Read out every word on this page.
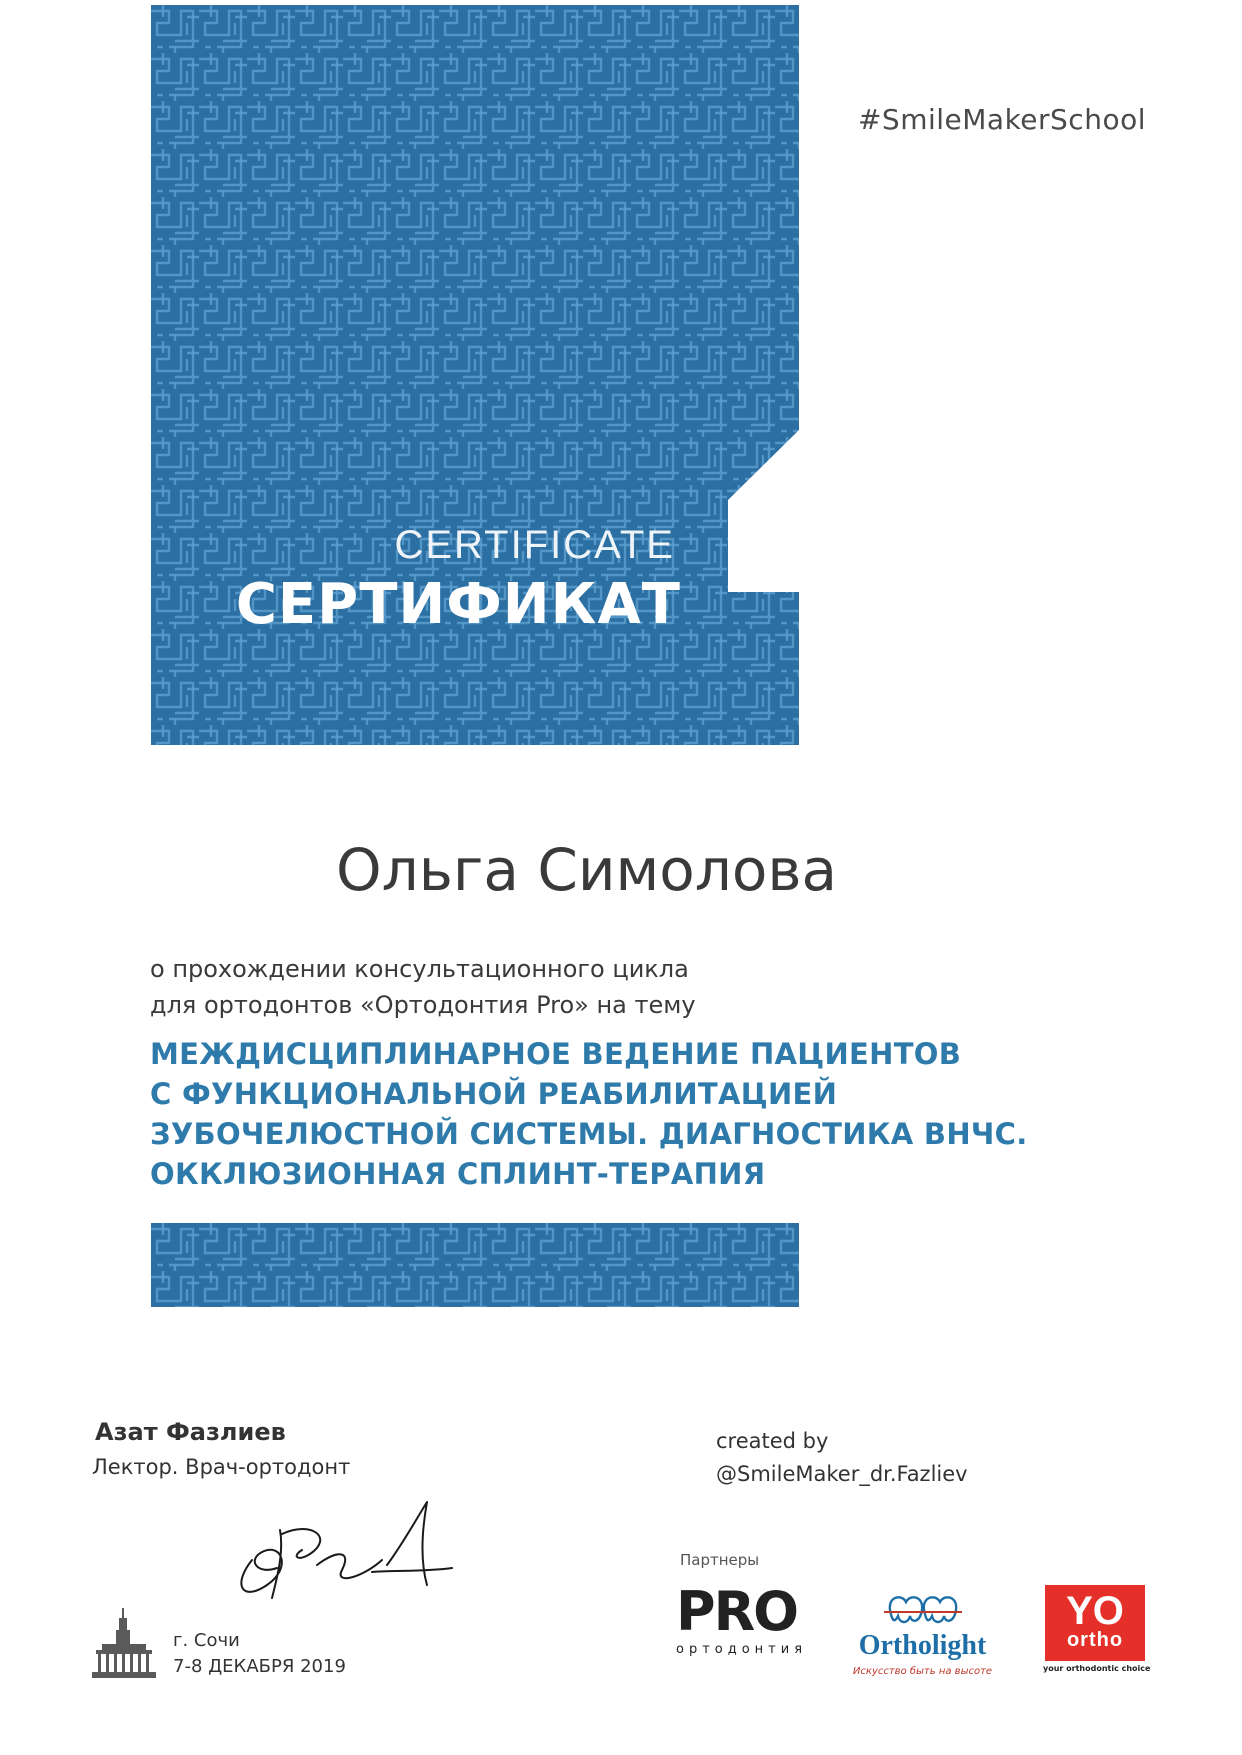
CERTIFICATE
СЕРТИФИКАТ
#SmileMakerSchool
Ольга Симолова
о прохождении консультационного цикла
для ортодонтов «Ортодонтия Pro» на тему
МЕЖДИСЦИПЛИНАРНОЕ ВЕДЕНИЕ ПАЦИЕНТОВ
С ФУНКЦИОНАЛЬНОЙ РЕАБИЛИТАЦИЕЙ
ЗУБОЧЕЛЮСТНОЙ СИСТЕМЫ. ДИАГНОСТИКА ВНЧС.
ОККЛЮЗИОННАЯ СПЛИНТ-ТЕРАПИЯ
Азат Фазлиев
Лектор. Врач-ортодонт
created by
@SmileMaker_dr.Fazliev
г. Сочи
7-8 ДЕКАБРЯ 2019
Партнеры
PRO
ортодонтия	Ortholight
Искусство быть на высоте
YO
ortho
your orthodontic choice
